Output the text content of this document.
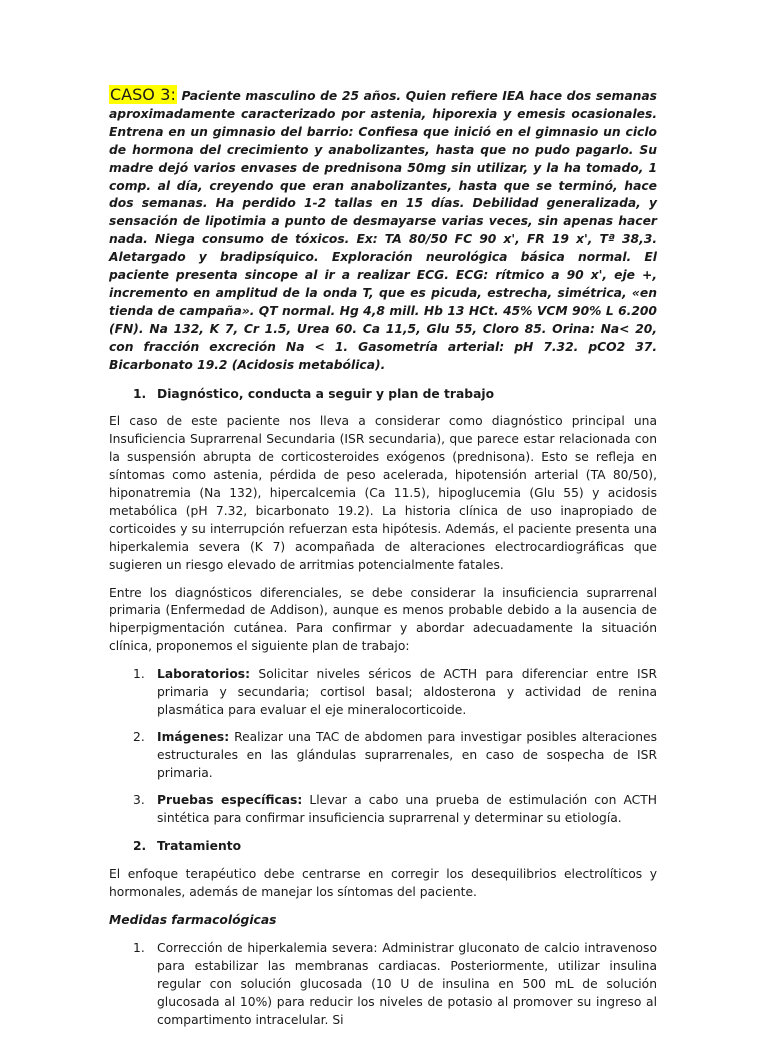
CASO 3: Paciente masculino de 25 años. Quien refiere IEA hace dos semanas aproximadamente caracterizado por astenia, hiporexia y emesis ocasionales. Entrena en un gimnasio del barrio: Confiesa que inició en el gimnasio un ciclo de hormona del crecimiento y anabolizantes, hasta que no pudo pagarlo. Su madre dejó varios envases de prednisona 50mg sin utilizar, y la ha tomado, 1 comp. al día, creyendo que eran anabolizantes, hasta que se terminó, hace dos semanas. Ha perdido 1-2 tallas en 15 días. Debilidad generalizada, y sensación de lipotimia a punto de desmayarse varias veces, sin apenas hacer nada. Niega consumo de tóxicos. Ex: TA 80/50 FC 90 x', FR 19 x', Tª 38,3. Aletargado y bradipsíquico. Exploración neurológica básica normal. El paciente presenta sincope al ir a realizar ECG. ECG: rítmico a 90 x', eje +, incremento en amplitud de la onda T, que es picuda, estrecha, simétrica, «en tienda de campaña». QT normal. Hg 4,8 mill. Hb 13 HCt. 45% VCM 90% L 6.200 (FN). Na 132, K 7, Cr 1.5, Urea 60. Ca 11,5, Glu 55, Cloro 85. Orina: Na< 20, con fracción excreción Na < 1. Gasometría arterial: pH 7.32. pCO2 37. Bicarbonato 19.2 (Acidosis metabólica).

1. Diagnóstico, conducta a seguir y plan de trabajo

El caso de este paciente nos lleva a considerar como diagnóstico principal una Insuficiencia Suprarrenal Secundaria (ISR secundaria), que parece estar relacionada con la suspensión abrupta de corticosteroides exógenos (prednisona). Esto se refleja en síntomas como astenia, pérdida de peso acelerada, hipotensión arterial (TA 80/50), hiponatremia (Na 132), hipercalcemia (Ca 11.5), hipoglucemia (Glu 55) y acidosis metabólica (pH 7.32, bicarbonato 19.2). La historia clínica de uso inapropiado de corticoides y su interrupción refuerzan esta hipótesis. Además, el paciente presenta una hiperkalemia severa (K 7) acompañada de alteraciones electrocardiográficas que sugieren un riesgo elevado de arritmias potencialmente fatales.

Entre los diagnósticos diferenciales, se debe considerar la insuficiencia suprarrenal primaria (Enfermedad de Addison), aunque es menos probable debido a la ausencia de hiperpigmentación cutánea. Para confirmar y abordar adecuadamente la situación clínica, proponemos el siguiente plan de trabajo:

1. Laboratorios: Solicitar niveles séricos de ACTH para diferenciar entre ISR primaria y secundaria; cortisol basal; aldosterona y actividad de renina plasmática para evaluar el eje mineralocorticoide.
2. Imágenes: Realizar una TAC de abdomen para investigar posibles alteraciones estructurales en las glándulas suprarrenales, en caso de sospecha de ISR primaria.
3. Pruebas específicas: Llevar a cabo una prueba de estimulación con ACTH sintética para confirmar insuficiencia suprarrenal y determinar su etiología.
2. Tratamiento

El enfoque terapéutico debe centrarse en corregir los desequilibrios electrolíticos y hormonales, además de manejar los síntomas del paciente.

Medidas farmacológicas

1. Corrección de hiperkalemia severa: Administrar gluconato de calcio intravenoso para estabilizar las membranas cardiacas. Posteriormente, utilizar insulina regular con solución glucosada (10 U de insulina en 500 mL de solución glucosada al 10%) para reducir los niveles de potasio al promover su ingreso al compartimento intracelular. Si
